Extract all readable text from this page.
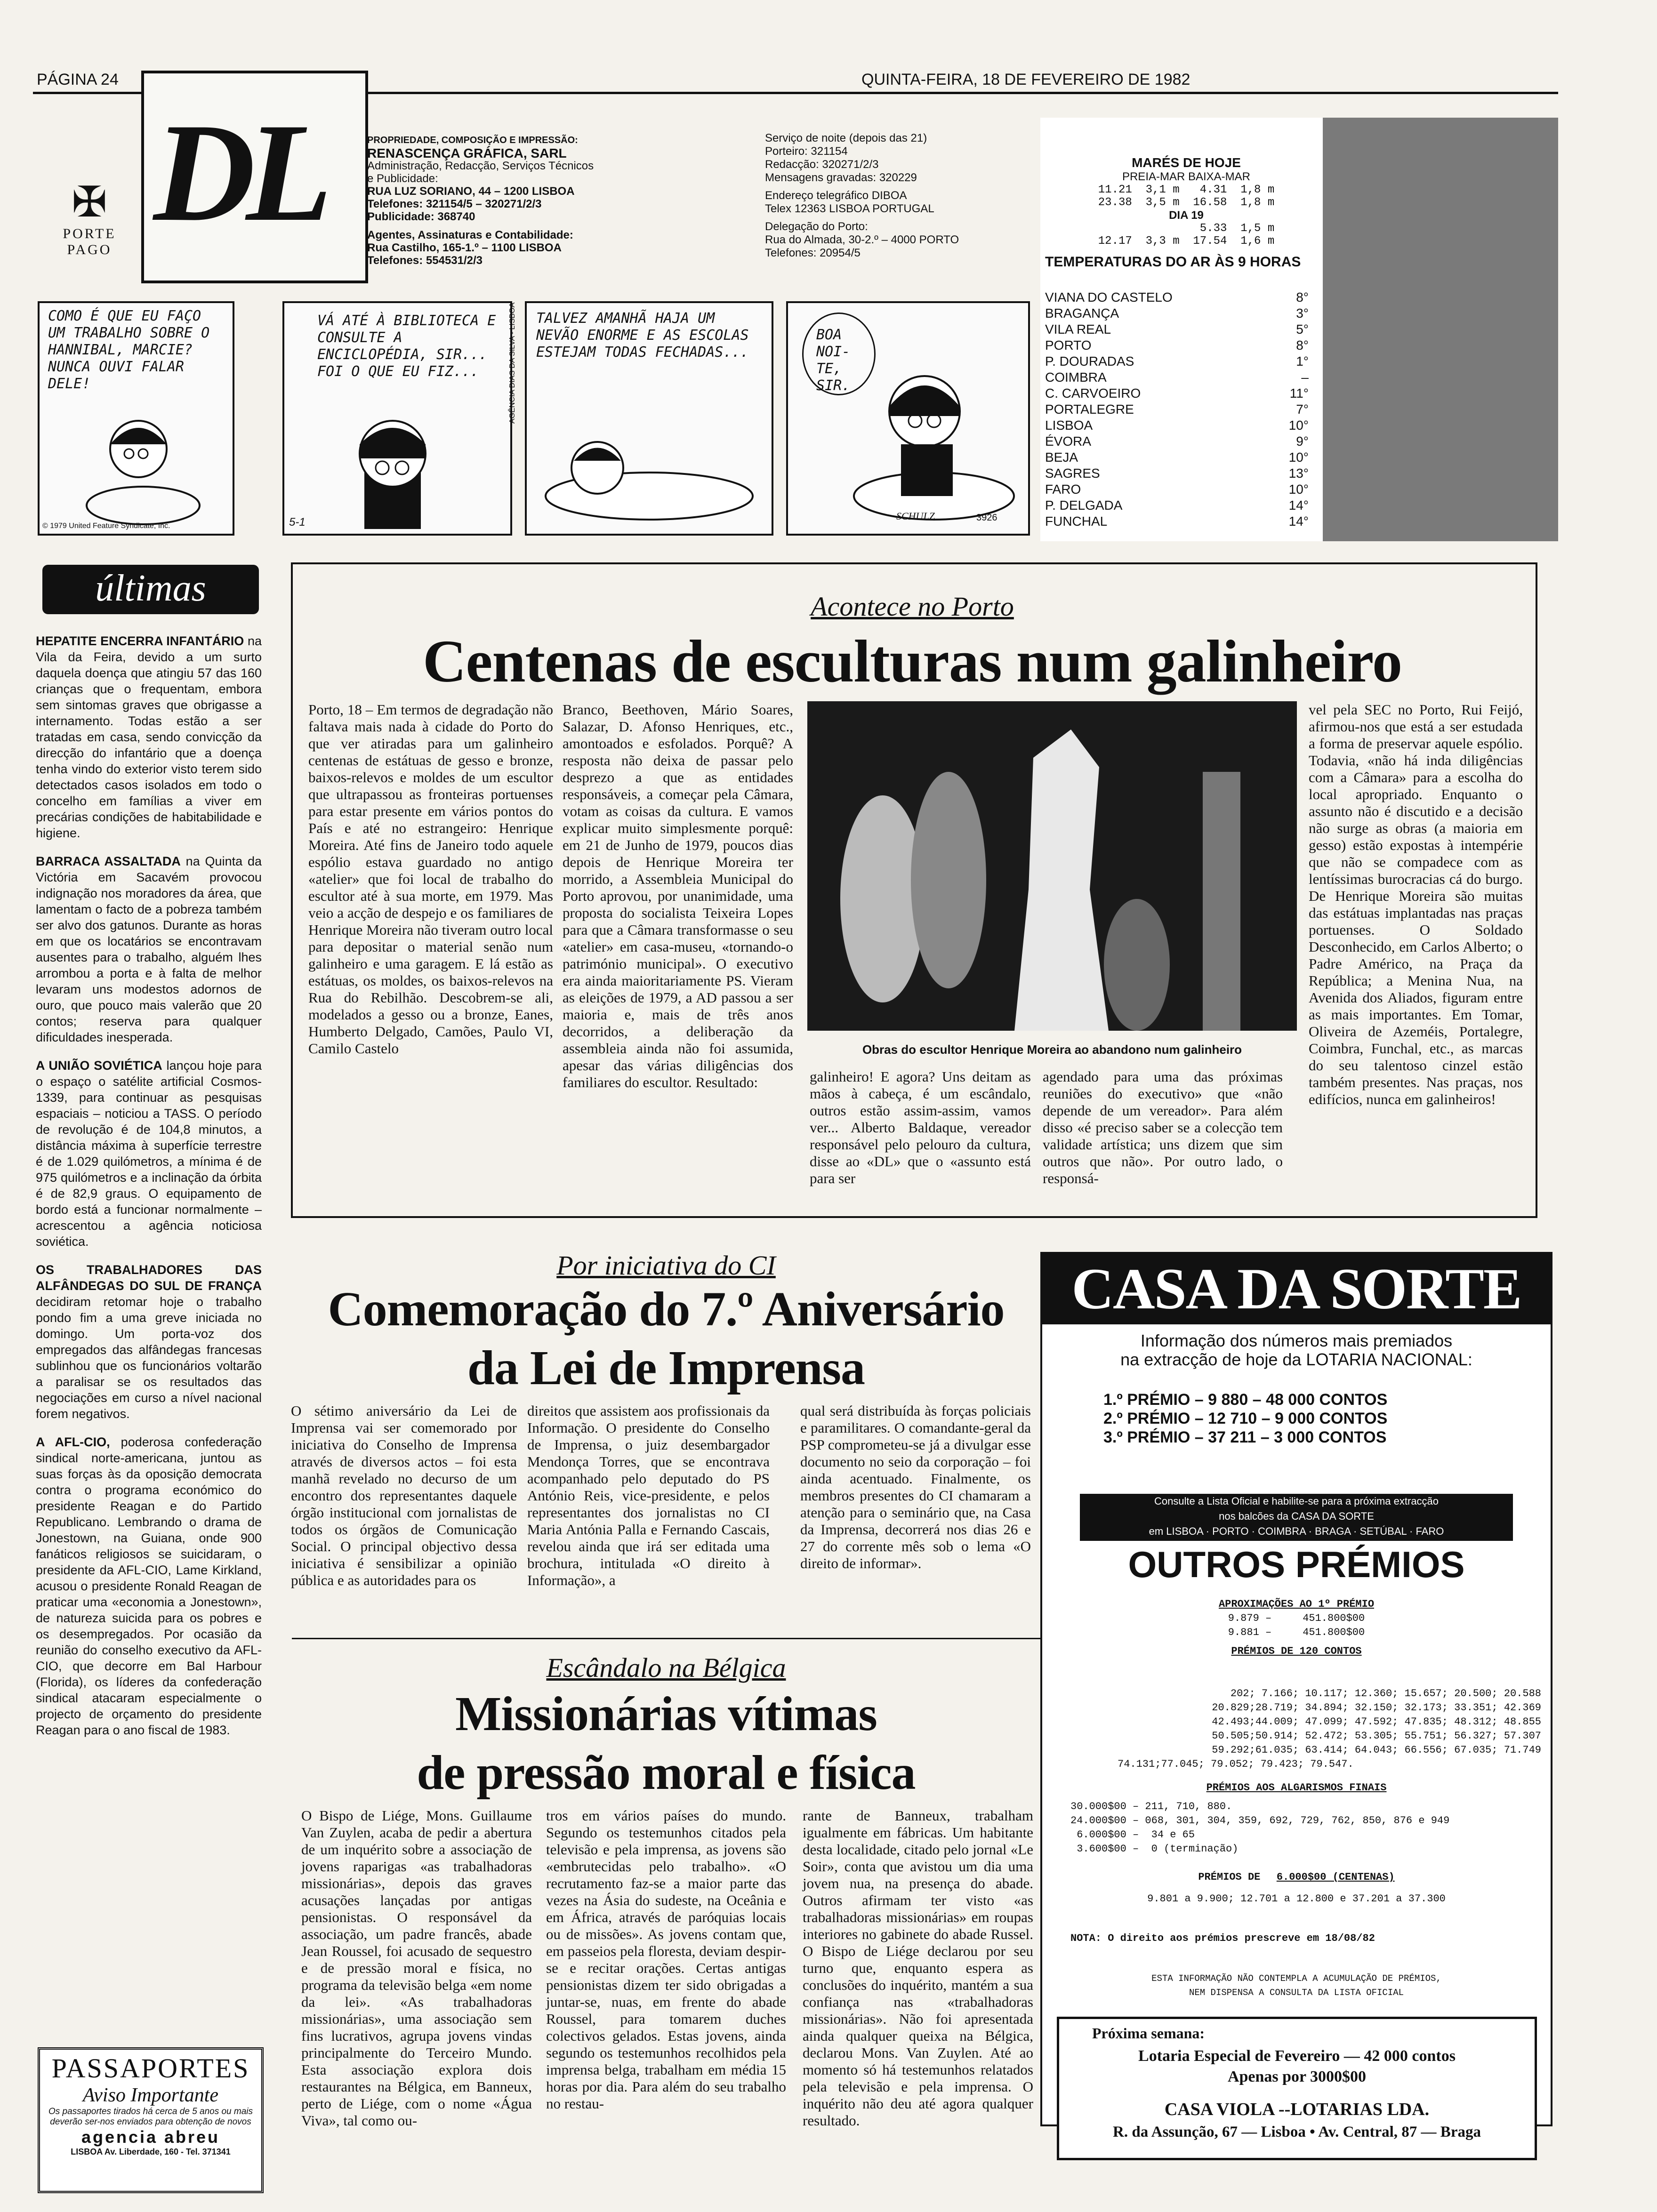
PÁGINA 24	QUINTA-FEIRA, 18 DE FEVEREIRO DE 1982
✠
PORTE
PAGO DL	PROPRIEDADE, COMPOSIÇÃO E IMPRESSÃO:
RENASCENÇA GRÁFICA, SARL
Administração, Redacção, Serviços Técnicos
e Publicidade:
RUA LUZ SORIANO, 44 – 1200 LISBOA
Telefones: 321154/5 – 320271/2/3
Publicidade: 368740
Agentes, Assinaturas e Contabilidade:
Rua Castilho, 165-1.º – 1100 LISBOA
Telefones: 554531/2/3
Serviço de noite (depois das 21)
Porteiro: 321154
Redacção: 320271/2/3
Mensagens gravadas: 320229
Endereço telegráfico DIBOA
Telex 12363 LISBOA PORTUGAL
Delegação do Porto:
Rua do Almada, 30-2.º – 4000 PORTO
Telefones: 20954/5
MARÉS DE HOJE
PREIA-MAR BAIXA-MAR
11.21  3,1 m   4.31  1,8 m
23.38  3,5 m  16.58  1,8 m
DIA 19
5.33  1,5 m
12.17  3,3 m  17.54  1,6 m
TEMPERATURAS DO AR ÀS 9 HORAS
VIANA DO CASTELO	8°
BRAGANÇA	3°
VILA REAL	5°
PORTO	8°
P. DOURADAS	1°
COIMBRA	–
C. CARVOEIRO	11°
PORTALEGRE	7°
LISBOA	10°
ÉVORA	9°
BEJA	10°
SAGRES	13°
FARO	10°
P. DELGADA	14°
FUNCHAL	14°
COMO É QUE EU FAÇO UM TRABALHO SOBRE O HANNIBAL, MARCIE? NUNCA OUVI FALAR DELE!
© 1979 United Feature Syndicate, Inc.
VÁ ATÉ À BIBLIOTECA E CONSULTE A ENCICLOPÉDIA, SIR... FOI O QUE EU FIZ...
5-1
AGÊNCIA DIAS DA SILVA - LISBOA TALVEZ AMANHÃ HAJA UM NEVÃO ENORME E AS ESCOLAS ESTEJAM TODAS FECHADAS...
BOA NOI-TE, SIR.
SCHULZ	3926
últimas

HEPATITE ENCERRA INFANTÁRIO na Vila da Feira, devido a um surto daquela doença que atingiu 57 das 160 crianças que o frequentam, embora sem sintomas graves que obrigasse a internamento. Todas estão a ser tratadas em casa, sendo convicção da direcção do infantário que a doença tenha vindo do exterior visto terem sido detectados casos isolados em todo o concelho em famílias a viver em precárias condições de habitabilidade e higiene.

BARRACA ASSALTADA na Quinta da Victória em Sacavém provocou indignação nos moradores da área, que lamentam o facto de a pobreza também ser alvo dos gatunos. Durante as horas em que os locatários se encontravam ausentes para o trabalho, alguém lhes arrombou a porta e à falta de melhor levaram uns modestos adornos de ouro, que pouco mais valerão que 20 contos; reserva para qualquer dificuldades inesperada.

A UNIÃO SOVIÉTICA lançou hoje para o espaço o satélite artificial Cosmos-1339, para continuar as pesquisas espaciais – noticiou a TASS. O período de revolução é de 104,8 minutos, a distância máxima à superfície terrestre é de 1.029 quilómetros, a mínima é de 975 quilómetros e a inclinação da órbita é de 82,9 graus. O equipamento de bordo está a funcionar normalmente – acrescentou a agência noticiosa soviética.

OS TRABALHADORES DAS ALFÂNDEGAS DO SUL DE FRANÇA decidiram retomar hoje o trabalho pondo fim a uma greve iniciada no domingo. Um porta-voz dos empregados das alfândegas francesas sublinhou que os funcionários voltarão a paralisar se os resultados das negociações em curso a nível nacional forem negativos.

A AFL-CIO, poderosa confederação sindical norte-americana, juntou as suas forças às da oposição democrata contra o programa económico do presidente Reagan e do Partido Republicano. Lembrando o drama de Jonestown, na Guiana, onde 900 fanáticos religiosos se suicidaram, o presidente da AFL-CIO, Lame Kirkland, acusou o presidente Ronald Reagan de praticar uma «economia a Jonestown», de natureza suicida para os pobres e os desempregados. Por ocasião da reunião do conselho executivo da AFL-CIO, que decorre em Bal Harbour (Florida), os líderes da confederação sindical atacaram especialmente o projecto de orçamento do presidente Reagan para o ano fiscal de 1983.

PASSAPORTES
Aviso Importante
Os passaportes tirados há cerca de 5 anos ou mais deverão ser-nos enviados para obtenção de novos
agencia abreu
LISBOA Av. Liberdade, 160 - Tel. 371341
Acontece no Porto
Centenas de esculturas num galinheiro
Porto, 18 – Em termos de degradação não faltava mais nada à cidade do Porto do que ver atiradas para um galinheiro centenas de estátuas de gesso e bronze, baixos-relevos e moldes de um escultor que ultrapassou as fronteiras portuenses para estar presente em vários pontos do País e até no estrangeiro: Henrique Moreira. Até fins de Janeiro todo aquele espólio estava guardado no antigo «atelier» que foi local de trabalho do escultor até à sua morte, em 1979. Mas veio a acção de despejo e os familiares de Henrique Moreira não tiveram outro local para depositar o material senão num galinheiro e uma garagem. E lá estão as estátuas, os moldes, os baixos-relevos na Rua do Rebilhão. Descobrem-se ali, modelados a gesso ou a bronze, Eanes, Humberto Delgado, Camões, Paulo VI, Camilo Castelo
Branco, Beethoven, Mário Soares, Salazar, D. Afonso Henriques, etc., amontoados e esfolados. Porquê? A resposta não deixa de passar pelo desprezo a que as entidades responsáveis, a começar pela Câmara, votam as coisas da cultura. E vamos explicar muito simplesmente porquê: em 21 de Junho de 1979, poucos dias depois de Henrique Moreira ter morrido, a Assembleia Municipal do Porto aprovou, por unanimidade, uma proposta do socialista Teixeira Lopes para que a Câmara transformasse o seu «atelier» em casa-museu, «tornando-o património municipal». O executivo era ainda maioritariamente PS. Vieram as eleições de 1979, a AD passou a ser maioria e, mais de três anos decorridos, a deliberação da assembleia ainda não foi assumida, apesar das várias diligências dos familiares do escultor. Resultado:
Obras do escultor Henrique Moreira ao abandono num galinheiro
galinheiro! E agora? Uns deitam as mãos à cabeça, é um escândalo, outros estão assim-assim, vamos ver... Alberto Baldaque, vereador responsável pelo pelouro da cultura, disse ao «DL» que o «assunto está para ser
agendado para uma das próximas reuniões do executivo» que «não depende de um vereador». Para além disso «é preciso saber se a colecção tem validade artística; uns dizem que sim outros que não». Por outro lado, o responsá-
vel pela SEC no Porto, Rui Feijó, afirmou-nos que está a ser estudada a forma de preservar aquele espólio. Todavia, «não há inda diligências com a Câmara» para a escolha do local apropriado. Enquanto o assunto não é discutido e a decisão não surge as obras (a maioria em gesso) estão expostas à intempérie que não se compadece com as lentíssimas burocracias cá do burgo. De Henrique Moreira são muitas das estátuas implantadas nas praças portuenses. O Soldado Desconhecido, em Carlos Alberto; o Padre Américo, na Praça da República; a Menina Nua, na Avenida dos Aliados, figuram entre as mais importantes. Em Tomar, Oliveira de Azeméis, Portalegre, Coimbra, Funchal, etc., as marcas do seu talentoso cinzel estão também presentes. Nas praças, nos edifícios, nunca em galinheiros!
Por iniciativa do CI
Comemoração do 7.º Aniversário
da Lei de Imprensa
O sétimo aniversário da Lei de Imprensa vai ser comemorado por iniciativa do Conselho de Imprensa através de diversos actos – foi esta manhã revelado no decurso de um encontro dos representantes daquele órgão institucional com jornalistas de todos os órgãos de Comunicação Social. O principal objectivo dessa iniciativa é sensibilizar a opinião pública e as autoridades para os
direitos que assistem aos profissionais da Informação. O presidente do Conselho de Imprensa, o juiz desembargador Mendonça Torres, que se encontrava acompanhado pelo deputado do PS António Reis, vice-presidente, e pelos representantes dos jornalistas no CI Maria Antónia Palla e Fernando Cascais, revelou ainda que irá ser editada uma brochura, intitulada «O direito à Informação», a
qual será distribuída às forças policiais e paramilitares. O comandante-geral da PSP comprometeu-se já a divulgar esse documento no seio da corporação – foi ainda acentuado. Finalmente, os membros presentes do CI chamaram a atenção para o seminário que, na Casa da Imprensa, decorrerá nos dias 26 e 27 do corrente mês sob o lema «O direito de informar».
Escândalo na Bélgica
Missionárias vítimas
de pressão moral e física
O Bispo de Liége, Mons. Guillaume Van Zuylen, acaba de pedir a abertura de um inquérito sobre a associação de jovens raparigas «as trabalhadoras missionárias», depois das graves acusações lançadas por antigas pensionistas. O responsável da associação, um padre francês, abade Jean Roussel, foi acusado de sequestro e de pressão moral e física, no programa da televisão belga «em nome da lei». «As trabalhadoras missionárias», uma associação sem fins lucrativos, agrupa jovens vindas principalmente do Terceiro Mundo. Esta associação explora dois restaurantes na Bélgica, em Banneux, perto de Liége, com o nome «Água Viva», tal como ou-
tros em vários países do mundo. Segundo os testemunhos citados pela televisão e pela imprensa, as jovens são «embrutecidas pelo trabalho». «O recrutamento faz-se a maior parte das vezes na Ásia do sudeste, na Oceânia e em África, através de paróquias locais ou de missões». As jovens contam que, em passeios pela floresta, deviam despir-se e recitar orações. Certas antigas pensionistas dizem ter sido obrigadas a juntar-se, nuas, em frente do abade Roussel, para tomarem duches colectivos gelados. Estas jovens, ainda segundo os testemunhos recolhidos pela imprensa belga, trabalham em média 15 horas por dia. Para além do seu trabalho no restau-
rante de Banneux, trabalham igualmente em fábricas. Um habitante desta localidade, citado pelo jornal «Le Soir», conta que avistou um dia uma jovem nua, na presença do abade. Outros afirmam ter visto «as trabalhadoras missionárias» em roupas interiores no gabinete do abade Russel. O Bispo de Liége declarou por seu turno que, enquanto espera as conclusões do inquérito, mantém a sua confiança nas «trabalhadoras missionárias». Não foi apresentada ainda qualquer queixa na Bélgica, declarou Mons. Van Zuylen. Até ao momento só há testemunhos relatados pela televisão e pela imprensa. O inquérito não deu até agora qualquer resultado.
CASA DA SORTE
Informação dos números mais premiados
na extracção de hoje da LOTARIA NACIONAL:
1.º PRÉMIO – 9 880 – 48 000 CONTOS
2.º PRÉMIO – 12 710 – 9 000 CONTOS
3.º PRÉMIO – 37 211 – 3 000 CONTOS
Consulte a Lista Oficial e habilite-se para a próxima extracção
nos balcões da CASA DA SORTE
em LISBOA · PORTO · COIMBRA · BRAGA · SETÚBAL · FARO
OUTROS PRÉMIOS
APROXIMAÇÕES AO 1º PRÉMIO
9.879 –     451.800$00
9.881 –     451.800$00
PRÉMIOS DE 120 CONTOS
202; 7.166; 10.117; 12.360; 15.657; 20.500; 20.588
20.829;28.719; 34.894; 32.150; 32.173; 33.351; 42.369
42.493;44.009; 47.099; 47.592; 47.835; 48.312; 48.855
50.505;50.914; 52.472; 53.305; 55.751; 56.327; 57.307
59.292;61.035; 63.414; 64.043; 66.556; 67.035; 71.749
74.131;77.045; 79.052; 79.423; 79.547.
PRÉMIOS AOS ALGARISMOS FINAIS
30.000$00 – 211, 710, 880.
24.000$00 – 068, 301, 304, 359, 692, 729, 762, 850, 876 e 949
6.000$00 –  34 e 65
3.600$00 –  0 (terminação)
PRÉMIOS DE 6.000$00 (CENTENAS)
9.801 a 9.900; 12.701 a 12.800 e 37.201 a 37.300
NOTA: O direito aos prémios prescreve em 18/08/82
ESTA INFORMAÇÃO NÃO CONTEMPLA A ACUMULAÇÃO DE PRÉMIOS,
NEM DISPENSA A CONSULTA DA LISTA OFICIAL
Próxima semana:
Lotaria Especial de Fevereiro — 42 000 contos
Apenas por 3000$00
CASA VIOLA --LOTARIAS LDA.
R. da Assunção, 67 — Lisboa • Av. Central, 87 — Braga
